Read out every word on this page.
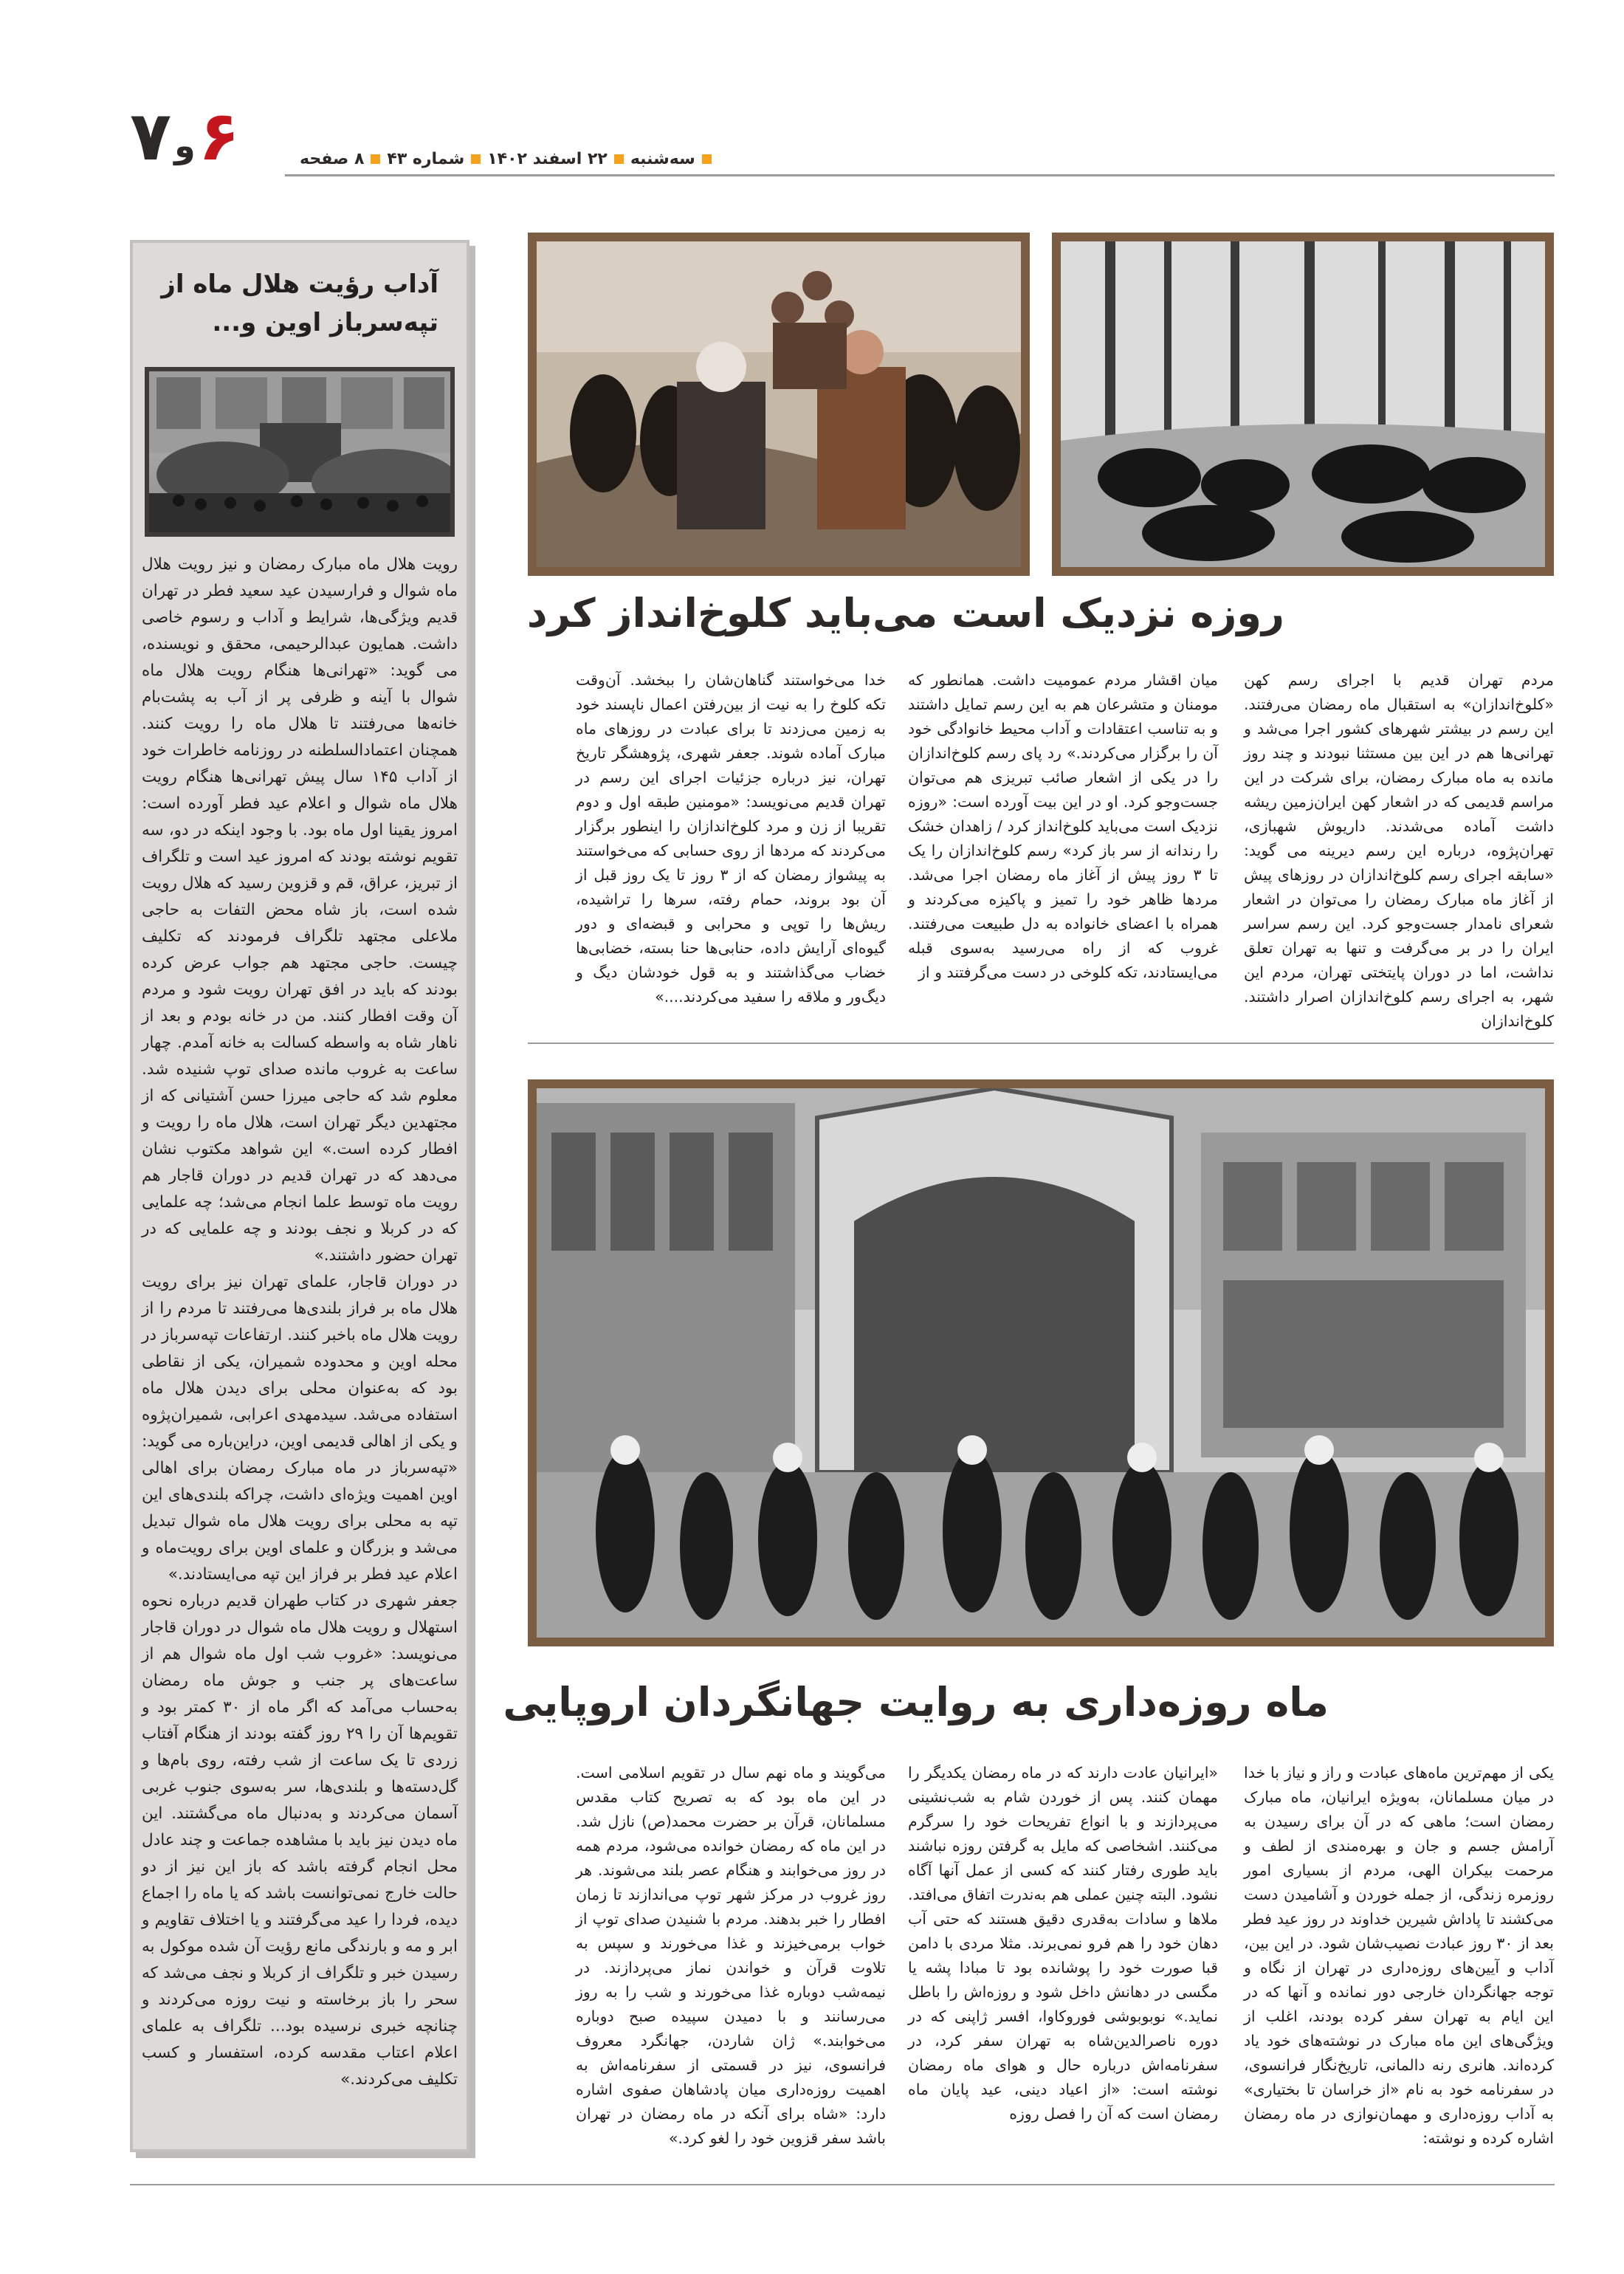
۷ و ۶	سه‌شنبه
۲۲ اسفند ۱۴۰۲
شماره ۴۳
۸ صفحه
آداب رؤیت هلال ماه از تپه‌سرباز اوین و...

رویت هلال ماه مبارک رمضان و نیز رویت هلال ماه شوال و فرارسیدن عید سعید فطر در تهران قدیم ویژگی‌ها، شرایط و آداب و رسوم خاصی داشت. همایون عبدالرحیمی، محقق و نویسنده، می گوید: «تهرانی‌ها هنگام رویت هلال ماه شوال با آینه و ظرفی پر از آب به پشت‌بام خانه‌ها می‌رفتند تا هلال ماه را رویت کنند. همچنان اعتمادالسلطنه در روزنامه خاطرات خود از آداب ۱۴۵ سال پیش تهرانی‌ها هنگام رویت هلال ماه شوال و اعلام عید فطر آورده است: امروز یقینا اول ماه بود. با وجود اینکه در دو، سه تقویم نوشته بودند که امروز عید است و تلگراف از تبریز، عراق، قم و قزوین رسید که هلال رویت شده است، باز شاه محض التفات به حاجی ملاعلی مجتهد تلگراف فرمودند که تکلیف چیست. حاجی مجتهد هم جواب عرض کرده بودند که باید در افق تهران رویت شود و مردم آن وقت افطار کنند. من در خانه بودم و بعد از ناهار شاه به واسطه کسالت به خانه آمدم. چهار ساعت به غروب مانده صدای توپ شنیده شد. معلوم شد که حاجی میرزا حسن آشتیانی که از مجتهدین دیگر تهران است، هلال ماه را رویت و افطار کرده است.» این شواهد مکتوب نشان می‌دهد که در تهران قدیم در دوران قاجار هم رویت ماه توسط علما انجام می‌شد؛ چه علمایی که در کربلا و نجف بودند و چه علمایی که در تهران حضور داشتند.»

در دوران قاجار، علمای تهران نیز برای رویت هلال ماه بر فراز بلندی‌ها می‌رفتند تا مردم را از رویت هلال ماه باخبر کنند. ارتفاعات تپه‌سرباز در محله اوین و محدوده شمیران، یکی از نقاطی بود که به‌عنوان محلی برای دیدن هلال ماه استفاده می‌شد. سیدمهدی اعرابی، شمیران‌پژوه و یکی از اهالی قدیمی اوین، دراین‌باره می گوید: «تپه‌سرباز در ماه مبارک رمضان برای اهالی اوین اهمیت ویژه‌ای داشت، چراکه بلندی‌های این تپه به محلی برای رویت هلال ماه شوال تبدیل می‌شد و بزرگان و علمای اوین برای رویت‌ماه و اعلام عید فطر بر فراز این تپه می‌ایستادند.»

جعفر شهری در کتاب طهران قدیم درباره نحوه استهلال و رویت هلال ماه شوال در دوران قاجار می‌نویسد: «غروب شب اول ماه شوال هم از ساعت‌های پر جنب و جوش ماه رمضان به‌حساب می‌آمد که اگر ماه از ۳۰ کمتر بود و تقویم‌ها آن را ۲۹ روز گفته بودند از هنگام آفتاب زردی تا یک ساعت از شب رفته، روی بام‌ها و گل‌دسته‌ها و بلندی‌ها، سر به‌سوی جنوب غربی آسمان می‌کردند و به‌دنبال ماه می‌گشتند. این ماه دیدن نیز باید با مشاهده جماعت و چند عادل محل انجام گرفته باشد که باز این نیز از دو حالت خارج نمی‌توانست باشد که یا ماه را اجماع دیده، فردا را عید می‌گرفتند و یا اختلاف تقاویم و ابر و مه و بارندگی مانع رؤیت آن شده موکول به رسیدن خبر و تلگراف از کربلا و نجف می‌شد که سحر را باز برخاسته و نیت روزه می‌کردند و چنانچه خبری نرسیده بود... تلگراف به علمای اعلام اعتاب مقدسه کرده، استفسار و کسب تکلیف می‌کردند.»

روزه نزدیک است می‌باید کلوخ‌انداز کرد
مردم تهران قدیم با اجرای رسم کهن «کلوخ‌اندازان» به استقبال ماه رمضان می‌رفتند. این رسم در بیشتر شهرهای کشور اجرا می‌شد و تهرانی‌ها هم در این بین مستثنا نبودند و چند روز مانده به ماه مبارک رمضان، برای شرکت در این مراسم قدیمی که در اشعار کهن ایران‌زمین ریشه داشت آماده می‌شدند. داریوش شهبازی، تهران‌پژوه، درباره این رسم دیرینه می گوید: «سابقه اجرای رسم کلوخ‌اندازان در روزهای پیش از آغاز ماه مبارک رمضان را می‌توان در اشعار شعرای نامدار جست‌وجو کرد. این رسم سراسر ایران را در بر می‌گرفت و تنها به تهران تعلق نداشت، اما در دوران پایتختی تهران، مردم این شهر، به اجرای رسم کلوخ‌اندازان اصرار داشتند. کلوخ‌اندازان
میان اقشار مردم عمومیت داشت. همانطور که مومنان و متشرعان هم به این رسم تمایل داشتند و به تناسب اعتقادات و آداب محیط خانوادگی خود آن را برگزار می‌کردند.» رد پای رسم کلوخ‌اندازان را در یکی از اشعار صائب تبریزی هم می‌توان جست‌وجو کرد. او در این بیت آورده است: «روزه نزدیک است می‌باید کلوخ‌انداز کرد / زاهدان خشک را رندانه از سر باز کرد» رسم کلوخ‌اندازان را یک تا ۳ روز پیش از آغاز ماه رمضان اجرا می‌شد. مردها ظاهر خود را تمیز و پاکیزه می‌کردند و همراه با اعضای خانواده به دل طبیعت می‌رفتند. غروب که از راه می‌رسید به‌سوی قبله می‌ایستادند، تکه کلوخی در دست می‌گرفتند و از
خدا می‌خواستند گناهان‌شان را ببخشد. آن‌وقت تکه کلوخ را به نیت از بین‌رفتن اعمال ناپسند خود به زمین می‌زدند تا برای عبادت در روزهای ماه مبارک آماده شوند. جعفر شهری، پژوهشگر تاریخ تهران، نیز درباره جزئیات اجرای این رسم در تهران قدیم می‌نویسد: «مومنین طبقه اول و دوم تقریبا از زن و مرد کلوخ‌اندازان را اینطور برگزار می‌کردند که مردها از روی حسابی که می‌خواستند به پیشواز رمضان که از ۳ روز تا یک روز قبل از آن بود بروند، حمام رفته، سرها را تراشیده، ریش‌ها را توپی و محرابی و قبضه‌ای و دور گیوه‌ای آرایش داده، حنابی‌ها حنا بسته، خضابی‌ها خضاب می‌گذاشتند و به قول خودشان دیگ و دیگ‌ور و ملاقه را سفید می‌کردند....»
ماه روزه‌داری به روایت جهانگردان اروپایی
یکی از مهم‌ترین ماه‌های عبادت و راز و نیاز با خدا در میان مسلمانان، به‌ویژه ایرانیان، ماه مبارک رمضان است؛ ماهی که در آن برای رسیدن به آرامش جسم و جان و بهره‌مندی از لطف و مرحمت بیکران الهی، مردم از بسیاری امور روزمره زندگی، از جمله خوردن و آشامیدن دست می‌کشند تا پاداش شیرین خداوند در روز عید فطر بعد از ۳۰ روز عبادت نصیب‌شان شود. در این بین، آداب و آیین‌های روزه‌داری در تهران از نگاه و توجه جهانگردان خارجی دور نمانده و آنها که در این ایام به تهران سفر کرده بودند، اغلب از ویژگی‌های این ماه مبارک در نوشته‌های خود یاد کرده‌اند. هانری رنه دالمانی، تاریخ‌نگار فرانسوی، در سفرنامه خود به نام «از خراسان تا بختیاری» به آداب روزه‌داری و مهمان‌نوازی در ماه رمضان اشاره کرده و نوشته:
«ایرانیان عادت دارند که در ماه رمضان یکدیگر را مهمان کنند. پس از خوردن شام به شب‌نشینی می‌پردازند و با انواع تفریحات خود را سرگرم می‌کنند. اشخاصی که مایل به گرفتن روزه نباشند باید طوری رفتار کنند که کسی از عمل آنها آگاه نشود. البته چنین عملی هم به‌ندرت اتفاق می‌افتد. ملاها و سادات به‌قدری دقیق هستند که حتی آب دهان خود را هم فرو نمی‌برند. مثلا مردی با دامن قبا صورت خود را پوشانده بود تا مبادا پشه یا مگسی در دهانش داخل شود و روزه‌اش را باطل نماید.» نوبوبوشی فوروکاوا، افسر ژاپنی که در دوره ناصرالدین‌شاه به تهران سفر کرد، در سفرنامه‌اش درباره حال و هوای ماه رمضان نوشته است: «از اعیاد دینی، عید پایان ماه رمضان است که آن را فصل روزه
می‌گویند و ماه نهم سال در تقویم اسلامی است. در این ماه بود که به تصریح کتاب مقدس مسلمانان، قرآن بر حضرت محمد(ص) نازل شد. در این ماه که رمضان خوانده می‌شود، مردم همه در روز می‌خوابند و هنگام عصر بلند می‌شوند. هر روز غروب در مرکز شهر توپ می‌اندازند تا زمان افطار را خبر بدهند. مردم با شنیدن صدای توپ از خواب برمی‌خیزند و غذا می‌خورند و سپس به تلاوت قرآن و خواندن نماز می‌پردازند. در نیمه‌شب دوباره غذا می‌خورند و شب را به روز می‌رسانند و با دمیدن سپیده صبح دوباره می‌خوابند.» ژان شاردن، جهانگرد معروف فرانسوی، نیز در قسمتی از سفرنامه‌اش به اهمیت روزه‌داری میان پادشاهان صفوی اشاره دارد: «شاه برای آنکه در ماه رمضان در تهران باشد سفر قزوین خود را لغو کرد.»
